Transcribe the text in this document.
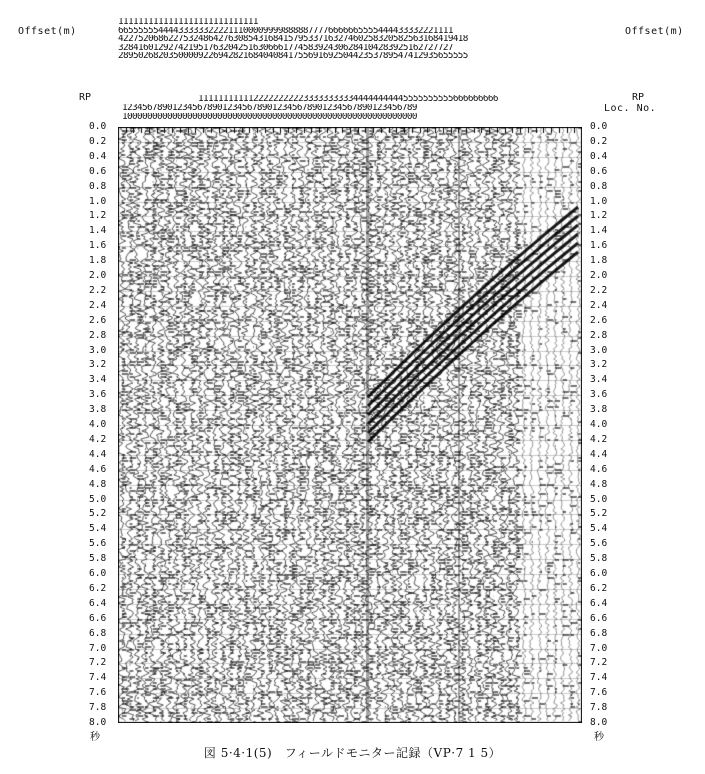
Offset(m)	Offset(m)
1111111111111111111111111111
6655555544443333332222111000099998888877776666665555444433332221111
4227520686227532486427630854316841579533716327460258320582563168419418
3284160129274219517632042516306661774583924306284104283925162727727
2895026820350000922694282168404084175569169250442353789547412935655555
RP	RP
Loc. No.
111111111112222222222333333333344444444445555555555666666666
12345678901234567890123456789012345678901234567890123456789
10000000000000000000000000000000000000000000000000000000000
0.0
0.2
0.4
0.6
0.8
1.0
1.2
1.4
1.6
1.8
2.0
2.2
2.4
2.6
2.8
3.0
3.2
3.4
3.6
3.8
4.0
4.2
4.4
4.6
4.8
5.0
5.2
5.4
5.6
5.8
6.0
6.2
6.4
6.6
6.8
7.0
7.2
7.4
7.6
7.8
8.0
0.0
0.2
0.4
0.6
0.8
1.0
1.2
1.4
1.6
1.8
2.0
2.2
2.4
2.6
2.8
3.0
3.2
3.4
3.6
3.8
4.0
4.2
4.4
4.6
4.8
5.0
5.2
5.4
5.6
5.8
6.0
6.2
6.4
6.6
6.8
7.0
7.2
7.4
7.6
7.8
8.0
秒	秒
図 5·4·1(5)　フィールドモニター記録（VP·7 1 5）
